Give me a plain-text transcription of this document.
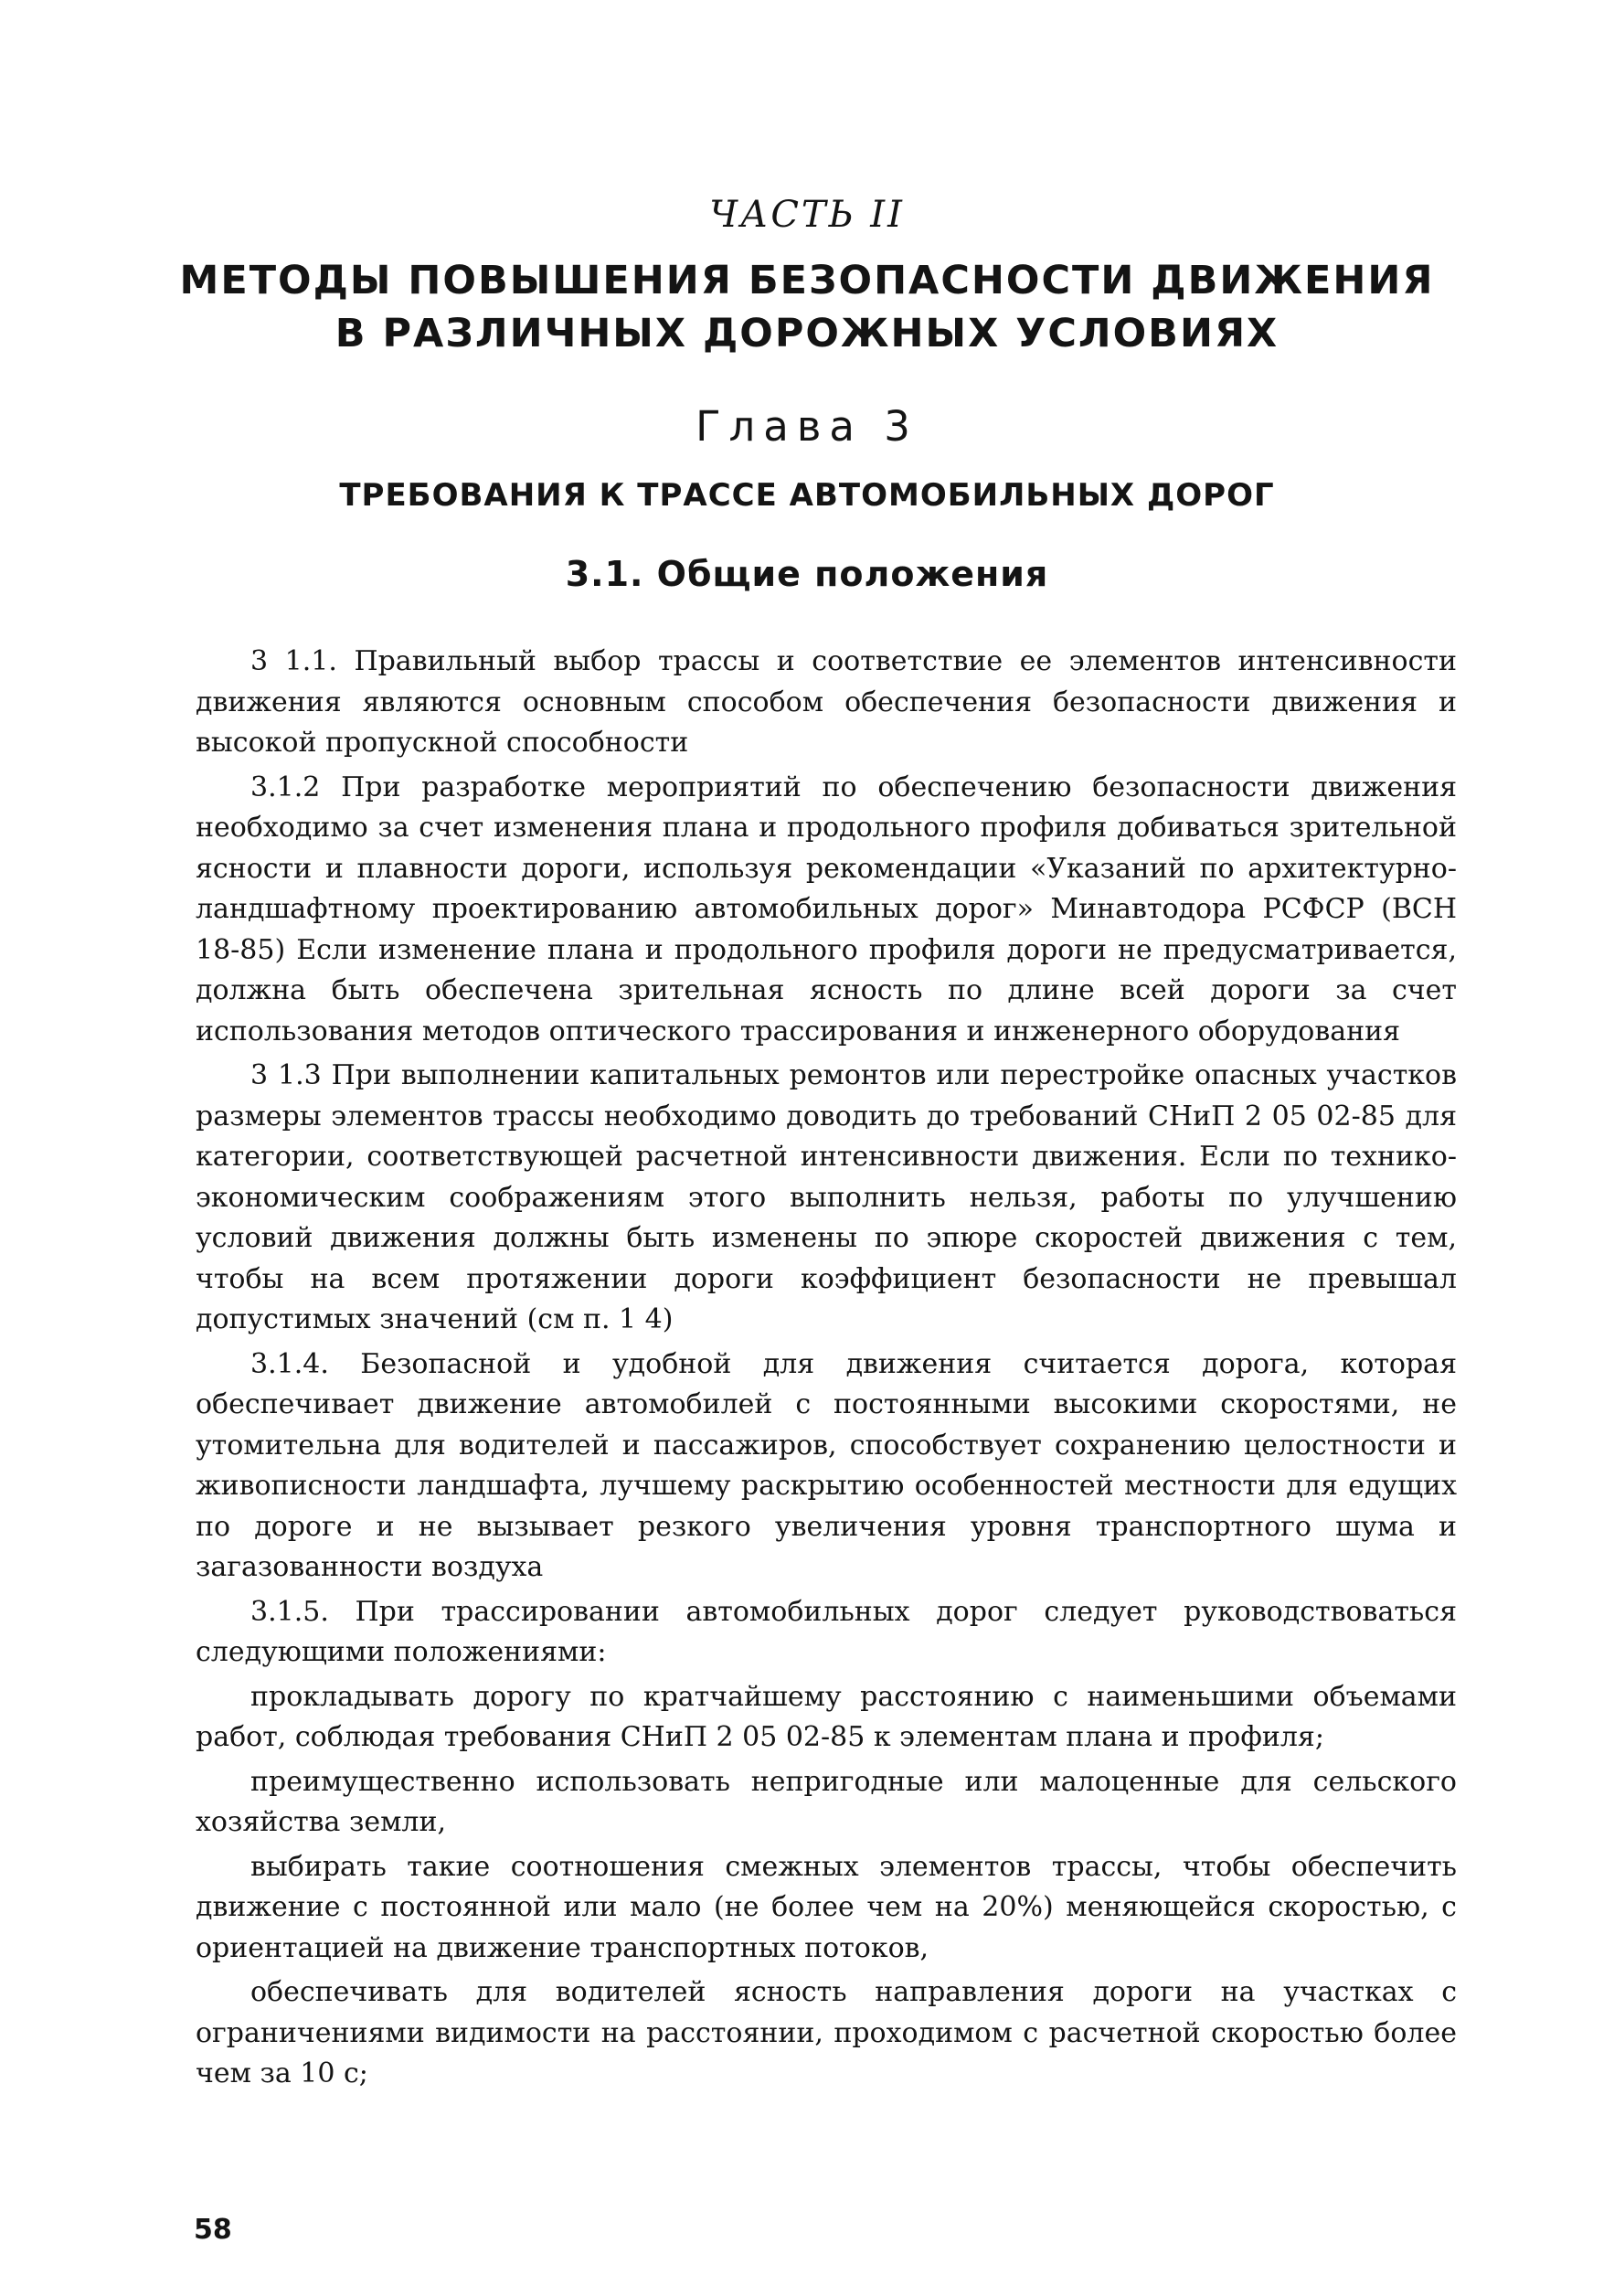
ЧАСТЬ II

МЕТОДЫ ПОВЫШЕНИЯ БЕЗОПАСНОСТИ ДВИЖЕНИЯ
В РАЗЛИЧНЫХ ДОРОЖНЫХ УСЛОВИЯХ

Глава 3

ТРЕБОВАНИЯ К ТРАССЕ АВТОМОБИЛЬНЫХ ДОРОГ
3.1. Общие положения

3 1.1. Правильный выбор трассы и соответствие ее элементов интенсивности движения являются основным способом обеспечения безопасности движения и высокой пропускной способности

3.1.2 При разработке мероприятий по обеспечению безопасности движения необходимо за счет изменения плана и продольного профиля добиваться зрительной ясности и плавности дороги, используя рекомендации «Указаний по архитектурно-ландшафтному проектированию автомобильных дорог» Минавтодора РСФСР (ВСН 18-85) Если изменение плана и продольного профиля дороги не предусматривается, должна быть обеспечена зрительная ясность по длине всей дороги за счет использования методов оптического трассирования и инженерного оборудования

3 1.3 При выполнении капитальных ремонтов или перестройке опасных участков размеры элементов трассы необходимо доводить до требований СНиП 2 05 02-85 для категории, соответствующей расчетной интенсивности движения. Если по технико-экономическим соображениям этого выполнить нельзя, работы по улучшению условий движения должны быть изменены по эпюре скоростей движения с тем, чтобы на всем протяжении дороги коэффициент безопасности не превышал допустимых значений (см п. 1 4)

3.1.4. Безопасной и удобной для движения считается дорога, которая обеспечивает движение автомобилей с постоянными высокими скоростями, не утомительна для водителей и пассажиров, способствует сохранению целостности и живописности ландшафта, лучшему раскрытию особенностей местности для едущих по дороге и не вызывает резкого увеличения уровня транспортного шума и загазованности воздуха

3.1.5. При трассировании автомобильных дорог следует руководствоваться следующими положениями:

прокладывать дорогу по кратчайшему расстоянию с наименьшими объемами работ, соблюдая требования СНиП 2 05 02-85 к элементам плана и профиля;

преимущественно использовать непригодные или малоценные для сельского хозяйства земли,

выбирать такие соотношения смежных элементов трассы, чтобы обеспечить движение с постоянной или мало (не более чем на 20%) меняющейся скоростью, с ориентацией на движение транспортных потоков,

обеспечивать для водителей ясность направления дороги на участках с ограничениями видимости на расстоянии, проходимом с расчетной скоростью более чем за 10 с;

58
